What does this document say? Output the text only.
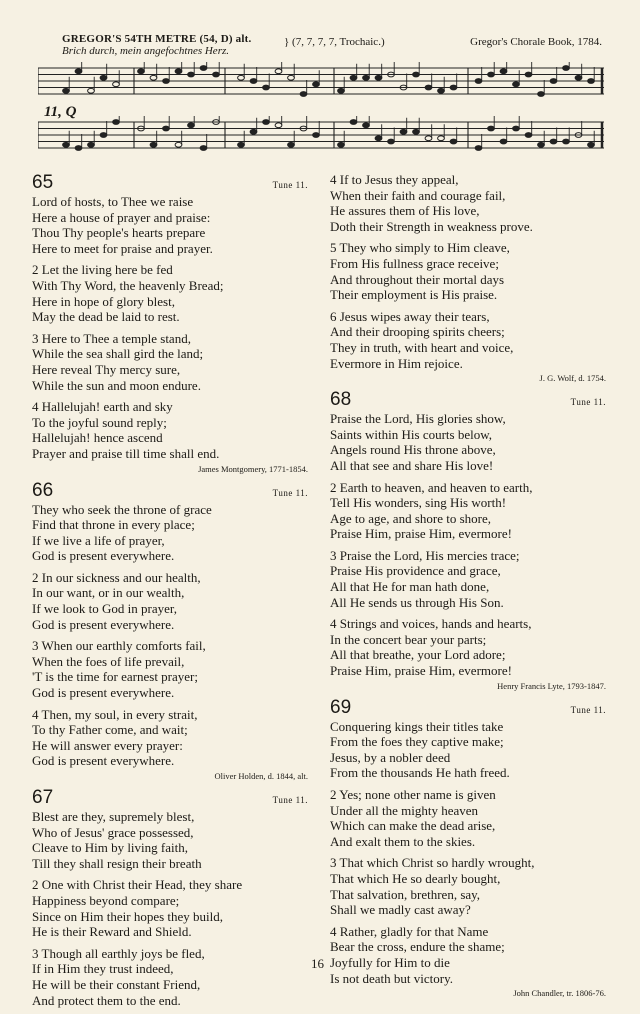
GREGOR'S 54TH METRE (54, D) alt.
Brich durch, mein angefochtnes Herz.
} (7, 7, 7, 7, Trochaic.)	Gregor's Chorale Book, 1784.
11, Q
65	Tune 11.
Lord of hosts, to Thee we raise
Here a house of prayer and praise:
Thou Thy people's hearts prepare
Here to meet for praise and prayer.
2 Let the living here be fed
With Thy Word, the heavenly Bread;
Here in hope of glory blest,
May the dead be laid to rest.
3 Here to Thee a temple stand,
While the sea shall gird the land;
Here reveal Thy mercy sure,
While the sun and moon endure.
4 Hallelujah! earth and sky
To the joyful sound reply;
Hallelujah! hence ascend
Prayer and praise till time shall end.
James Montgomery, 1771-1854.
66	Tune 11.
They who seek the throne of grace
Find that throne in every place;
If we live a life of prayer,
God is present everywhere.
2 In our sickness and our health,
In our want, or in our wealth,
If we look to God in prayer,
God is present everywhere.
3 When our earthly comforts fail,
When the foes of life prevail,
'T is the time for earnest prayer;
God is present everywhere.
4 Then, my soul, in every strait,
To thy Father come, and wait;
He will answer every prayer:
God is present everywhere.
Oliver Holden, d. 1844, alt.
67	Tune 11.
Blest are they, supremely blest,
Who of Jesus' grace possessed,
Cleave to Him by living faith,
Till they shall resign their breath
2 One with Christ their Head, they share
Happiness beyond compare;
Since on Him their hopes they build,
He is their Reward and Shield.
3 Though all earthly joys be fled,
If in Him they trust indeed,
He will be their constant Friend,
And protect them to the end.
4 If to Jesus they appeal,
When their faith and courage fail,
He assures them of His love,
Doth their Strength in weakness prove.
5 They who simply to Him cleave,
From His fullness grace receive;
And throughout their mortal days
Their employment is His praise.
6 Jesus wipes away their tears,
And their drooping spirits cheers;
They in truth, with heart and voice,
Evermore in Him rejoice.
J. G. Wolf, d. 1754.
68	Tune 11.
Praise the Lord, His glories show,
Saints within His courts below,
Angels round His throne above,
All that see and share His love!
2 Earth to heaven, and heaven to earth,
Tell His wonders, sing His worth!
Age to age, and shore to shore,
Praise Him, praise Him, evermore!
3 Praise the Lord, His mercies trace;
Praise His providence and grace,
All that He for man hath done,
All He sends us through His Son.
4 Strings and voices, hands and hearts,
In the concert bear your parts;
All that breathe, your Lord adore;
Praise Him, praise Him, evermore!
Henry Francis Lyte, 1793-1847.
69	Tune 11.
Conquering kings their titles take
From the foes they captive make;
Jesus, by a nobler deed
From the thousands He hath freed.
2 Yes; none other name is given
Under all the mighty heaven
Which can make the dead arise,
And exalt them to the skies.
3 That which Christ so hardly wrought,
That which He so dearly bought,
That salvation, brethren, say,
Shall we madly cast away?
4 Rather, gladly for that Name
Bear the cross, endure the shame;
Joyfully for Him to die
Is not death but victory.
John Chandler, tr. 1806-76.
16
